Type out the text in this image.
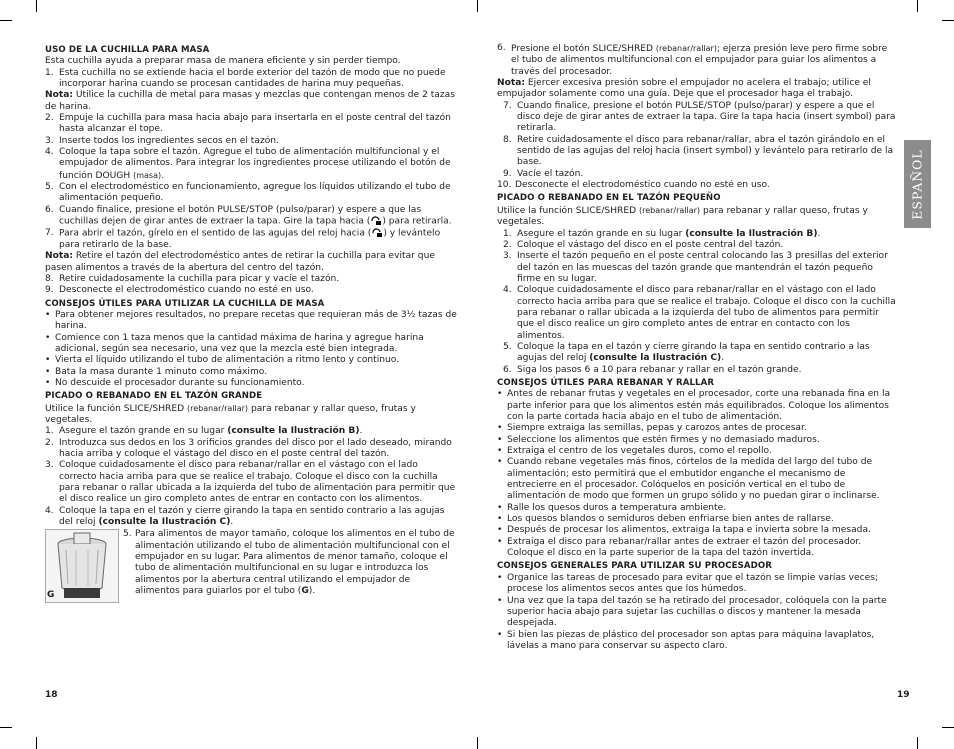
USO DE LA CUCHILLA PARA MASA

Esta cuchilla ayuda a preparar masa de manera eficiente y sin perder tiempo.

1. Esta cuchilla no se extiende hacia el borde exterior del tazón de modo que no puede incorporar harina cuando se procesan cantidades de harina muy pequeñas.

Nota: Utilice la cuchilla de metal para masas y mezclas que contengan menos de 2 tazas de harina.

2. Empuje la cuchilla para masa hacia abajo para insertarla en el poste central del tazón hasta alcanzar el tope.
3. Inserte todos los ingredientes secos en el tazón.
4. Coloque la tapa sobre el tazón. Agregue el tubo de alimentación multifuncional y el empujador de alimentos. Para integrar los ingredientes procese utilizando el botón de función DOUGH (masa).
5. Con el electrodoméstico en funcionamiento, agregue los líquidos utilizando el tubo de alimentación pequeño.
6. Cuando finalice, presione el botón PULSE/STOP (pulso/parar) y espere a que las cuchillas dejen de girar antes de extraer la tapa. Gire la tapa hacia ( ) para retirarla.
7. Para abrir el tazón, gírelo en el sentido de las agujas del reloj hacia ( ) y levántelo para retirarlo de la base.

Nota: Retire el tazón del electrodoméstico antes de retirar la cuchilla para evitar que pasen alimentos a través de la abertura del centro del tazón.

8. Retire cuidadosamente la cuchilla para picar y vacíe el tazón.
9. Desconecte el electrodoméstico cuando no esté en uso.

CONSEJOS ÚTILES PARA UTILIZAR LA CUCHILLA DE MASA

• Para obtener mejores resultados, no prepare recetas que requieran más de 3½ tazas de harina.
• Comience con 1 taza menos que la cantidad máxima de harina y agregue harina adicional, según sea necesario, una vez que la mezcla esté bien integrada.
• Vierta el líquido utilizando el tubo de alimentación a ritmo lento y continuo.
• Bata la masa durante 1 minuto como máximo.
• No descuide el procesador durante su funcionamiento.

PICADO O REBANADO EN EL TAZÓN GRANDE

Utilice la función SLICE/SHRED (rebanar/rallar) para rebanar y rallar queso, frutas y vegetales.

1. Asegure el tazón grande en su lugar (consulte la Ilustración B).
2. Introduzca sus dedos en los 3 orificios grandes del disco por el lado deseado, mirando hacia arriba y coloque el vástago del disco en el poste central del tazón.
3. Coloque cuidadosamente el disco para rebanar/rallar en el vástago con el lado correcto hacia arriba para que se realice el trabajo. Coloque el disco con la cuchilla para rebanar o rallar ubicada a la izquierda del tubo de alimentación para permitir que el disco realice un giro completo antes de entrar en contacto con los alimentos.
4. Coloque la tapa en el tazón y cierre girando la tapa en sentido contrario a las agujas del reloj (consulte la Ilustración C).
G
5. Para alimentos de mayor tamaño, coloque los alimentos en el tubo de alimentación utilizando el tubo de alimentación multifuncional con el empujador en su lugar. Para alimentos de menor tamaño, coloque el tubo de alimentación multifuncional en su lugar e introduzca los alimentos por la abertura central utilizando el empujador de alimentos para guiarlos por el tubo (G).
18
6. Presione el botón SLICE/SHRED (rebanar/rallar); ejerza presión leve pero firme sobre el tubo de alimentos multifuncional con el empujador para guiar los alimentos a través del procesador.

Nota: Ejercer excesiva presión sobre el empujador no acelera el trabajo; utilice el empujador solamente como una guía. Deje que el procesador haga el trabajo.

7. Cuando finalice, presione el botón PULSE/STOP (pulso/parar) y espere a que el disco deje de girar antes de extraer la tapa. Gire la tapa hacia (insert symbol) para retirarla.
8. Retire cuidadosamente el disco para rebanar/rallar, abra el tazón girándolo en el sentido de las agujas del reloj hacia (insert symbol) y levántelo para retirarlo de la base.
9. Vacíe el tazón.
10. Desconecte el electrodoméstico cuando no esté en uso.

PICADO O REBANADO EN EL TAZÓN PEQUEÑO

Utilice la función SLICE/SHRED (rebanar/rallar) para rebanar y rallar queso, frutas y vegetales.

1. Asegure el tazón grande en su lugar (consulte la Ilustración B).
2. Coloque el vástago del disco en el poste central del tazón.
3. Inserte el tazón pequeño en el poste central colocando las 3 presillas del exterior del tazón en las muescas del tazón grande que mantendrán el tazón pequeño firme en su lugar.
4. Coloque cuidadosamente el disco para rebanar/rallar en el vástago con el lado correcto hacia arriba para que se realice el trabajo. Coloque el disco con la cuchilla para rebanar o rallar ubicada a la izquierda del tubo de alimentos para permitir que el disco realice un giro completo antes de entrar en contacto con los alimentos.
5. Coloque la tapa en el tazón y cierre girando la tapa en sentido contrario a las agujas del reloj (consulte la Ilustración C).
6. Siga los pasos 6 a 10 para rebanar y rallar en el tazón grande.

CONSEJOS ÚTILES PARA REBANAR Y RALLAR

• Antes de rebanar frutas y vegetales en el procesador, corte una rebanada fina en la parte inferior para que los alimentos estén más equilibrados. Coloque los alimentos con la parte cortada hacia abajo en el tubo de alimentación.
• Siempre extraiga las semillas, pepas y carozos antes de procesar.
• Seleccione los alimentos que estén firmes y no demasiado maduros.
• Extraiga el centro de los vegetales duros, como el repollo.
• Cuando rebane vegetales más finos, córtelos de la medida del largo del tubo de alimentación; esto permitirá que el embutidor enganche el mecanismo de entrecierre en el procesador. Colóquelos en posición vertical en el tubo de alimentación de modo que formen un grupo sólido y no puedan girar o inclinarse.
• Ralle los quesos duros a temperatura ambiente.
• Los quesos blandos o semiduros deben enfriarse bien antes de rallarse.
• Después de procesar los alimentos, extraiga la tapa e invierta sobre la mesada.
• Extraiga el disco para rebanar/rallar antes de extraer el tazón del procesador. Coloque el disco en la parte superior de la tapa del tazón invertida.

CONSEJOS GENERALES PARA UTILIZAR SU PROCESADOR

• Organice las tareas de procesado para evitar que el tazón se limpie varias veces; procese los alimentos secos antes que los húmedos.
• Una vez que la tapa del tazón se ha retirado del procesador, colóquela con la parte superior hacia abajo para sujetar las cuchillas o discos y mantener la mesada despejada.
• Si bien las piezas de plástico del procesador son aptas para máquina lavaplatos, lávelas a mano para conservar su aspecto claro.
19
ESPAÑOL
